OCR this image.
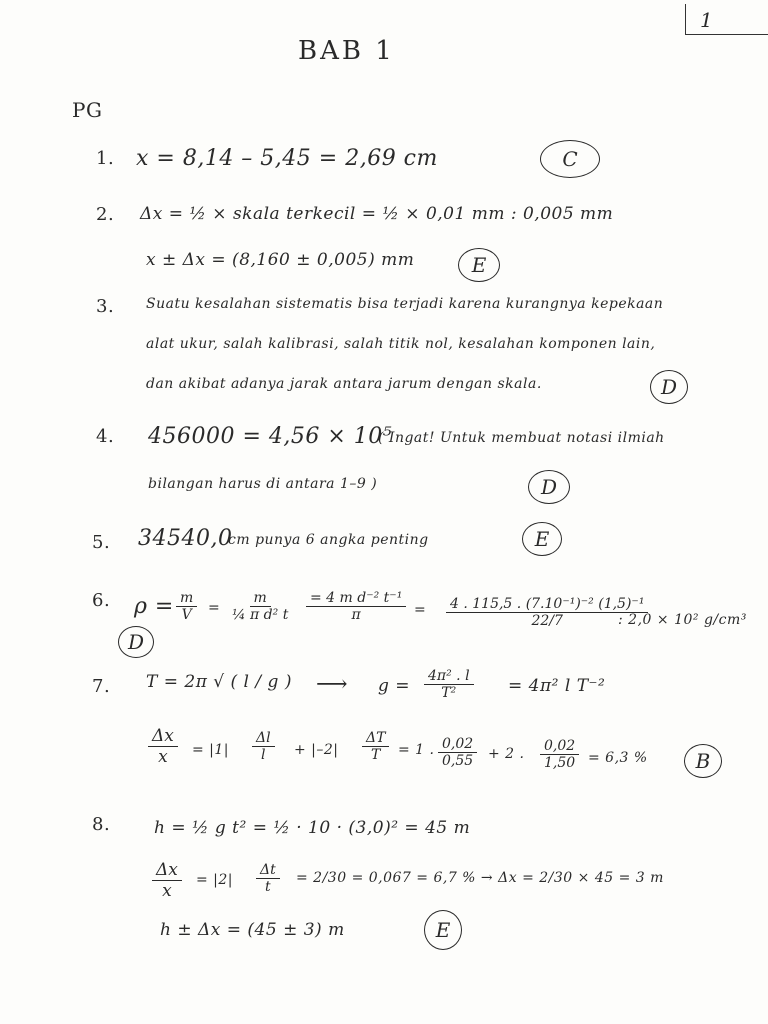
1
BAB 1
PG
1. x = 8,14 – 5,45 = 2,69 cm	C
2. Δx = ½ × skala terkecil = ½ × 0,01 mm : 0,005 mm
x ± Δx = (8,160 ± 0,005) mm	E
3. Suatu kesalahan sistematis bisa terjadi karena kurangnya kepekaan
alat ukur, salah kalibrasi, salah titik nol, kesalahan komponen lain,
dan akibat adanya jarak antara jarum dengan skala.	D
4. 456000 = 4,56 × 10⁵
( Ingat! Untuk membuat notasi ilmiah
bilangan harus di antara 1–9 )	D
5. 34540,0
cm punya 6 angka penting	E
6. $\rho = \frac{m}{V} = \frac{m}{\text{¼ π d² t}} \frac{\text{= 4 m d⁻² t⁻¹}}{\pi} = \frac{\text{4 . 115,5 . (7.10⁻¹)⁻² (1,5)⁻¹}}{22/7}$
: 2,0 × 10² g/cm³
D
7. T = 2π √ ( l / g ) ⟶ $g = \frac{\text{4π² . l}}{\text{T²}} = 4\pi^2$ l T⁻²
$\frac{\Delta x}{x} = |1| \frac{\Delta l}{l} + |-2| \frac{\Delta T}{T} = 1$ . $\frac{0,02}{0,55} + 2$ . $\frac{0,02}{1,50} = 6,3$ %	B
8.	h = ½ g t² = ½ · 10 · (3,0)² = 45 m
$\frac{\Delta x}{x} = |2| \frac{\Delta t}{t} = 2/30 = 0,067 = 6,7$ % → Δx = 2/30 × 45 = 3 m
h ± Δx = (45 ± 3) m	E
